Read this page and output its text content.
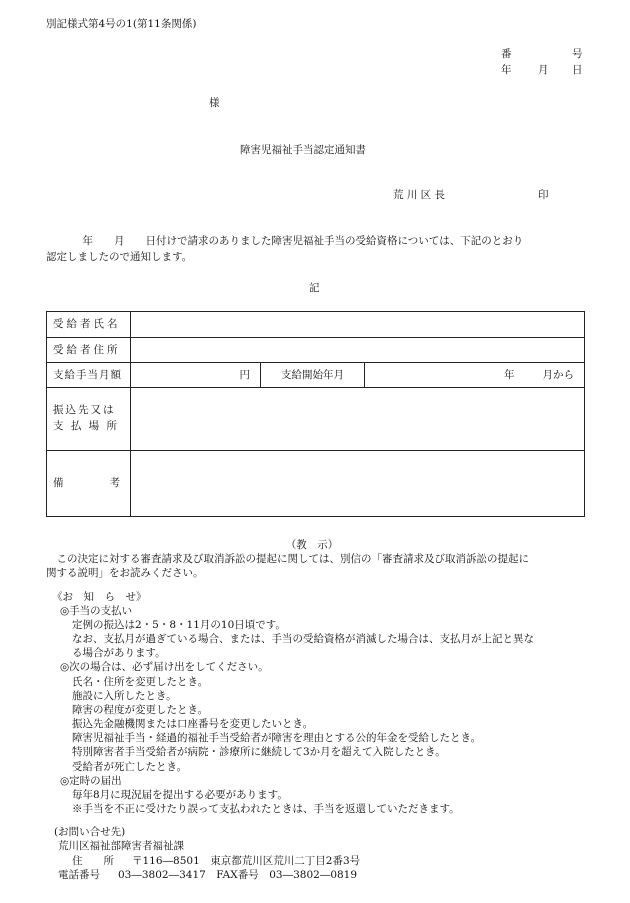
別記様式第4号の1(第11条関係)
番	号
年	月 日
様
障害児福祉手当認定通知書
荒 川 区 長	印
　年　　月　　日付けで請求のありました障害児福祉手当の受給資格については、下記のとおり
認定しましたので通知します。
記
受給者氏名			
受給者住所			
支給手当月額	円	支給開始年月	年 月から

振込先又は
支 払 場 所			

備 考			

（教　示）

　この決定に対する審査請求及び取消訴訟の提起に関しては、別信の「審査請求及び取消訴訟の提起に

関する説明」をお読みください。

《お　知　ら　せ》

◎手当の支払い

定例の振込は2・5・8・11月の10日頃です。

なお、支払月が過ぎている場合、または、手当の受給資格が消滅した場合は、支払月が上記と異な

る場合があります。

◎次の場合は、必ず届け出をしてください。

氏名・住所を変更したとき。

施設に入所したとき。

障害の程度が変更したとき。

振込先金融機関または口座番号を変更したいとき。

障害児福祉手当・経過的福祉手当受給者が障害を理由とする公的年金を受給したとき。

特別障害者手当受給者が病院・診療所に継続して3か月を超えて入院したとき。

受給者が死亡したとき。

◎定時の届出

毎年8月に現況届を提出する必要があります。

※手当を不正に受けたり誤って支払われたときは、手当を返還していただきます。

(お問い合せ先)

荒川区福祉部障害者福祉課

住　　所 〒116―8501　東京都荒川区荒川二丁目2番3号

電話番号 03―3802―3417　FAX番号　03―3802―0819
